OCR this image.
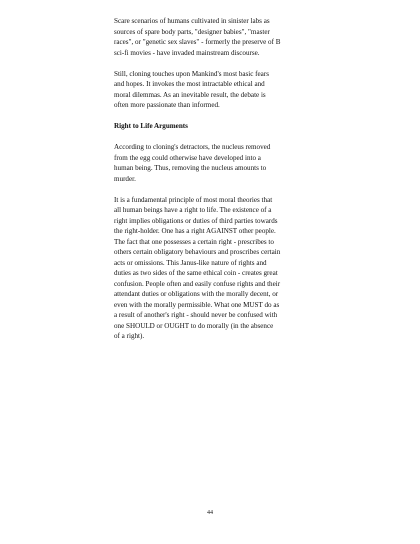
Scare scenarios of humans cultivated in sinister labs as
sources of spare body parts, "designer babies", "master
races", or "genetic sex slaves" - formerly the preserve of B
sci-fi movies - have invaded mainstream discourse.

Still, cloning touches upon Mankind's most basic fears
and hopes. It invokes the most intractable ethical and
moral dilemmas. As an inevitable result, the debate is
often more passionate than informed.

Right to Life Arguments

According to cloning's detractors, the nucleus removed
from the egg could otherwise have developed into a
human being. Thus, removing the nucleus amounts to
murder.

It is a fundamental principle of most moral theories that
all human beings have a right to life. The existence of a
right implies obligations or duties of third parties towards
the right-holder. One has a right AGAINST other people.
The fact that one possesses a certain right - prescribes to
others certain obligatory behaviours and proscribes certain
acts or omissions. This Janus-like nature of rights and
duties as two sides of the same ethical coin - creates great
confusion. People often and easily confuse rights and their
attendant duties or obligations with the morally decent, or
even with the morally permissible. What one MUST do as
a result of another's right - should never be confused with
one SHOULD or OUGHT to do morally (in the absence
of a right).

44
